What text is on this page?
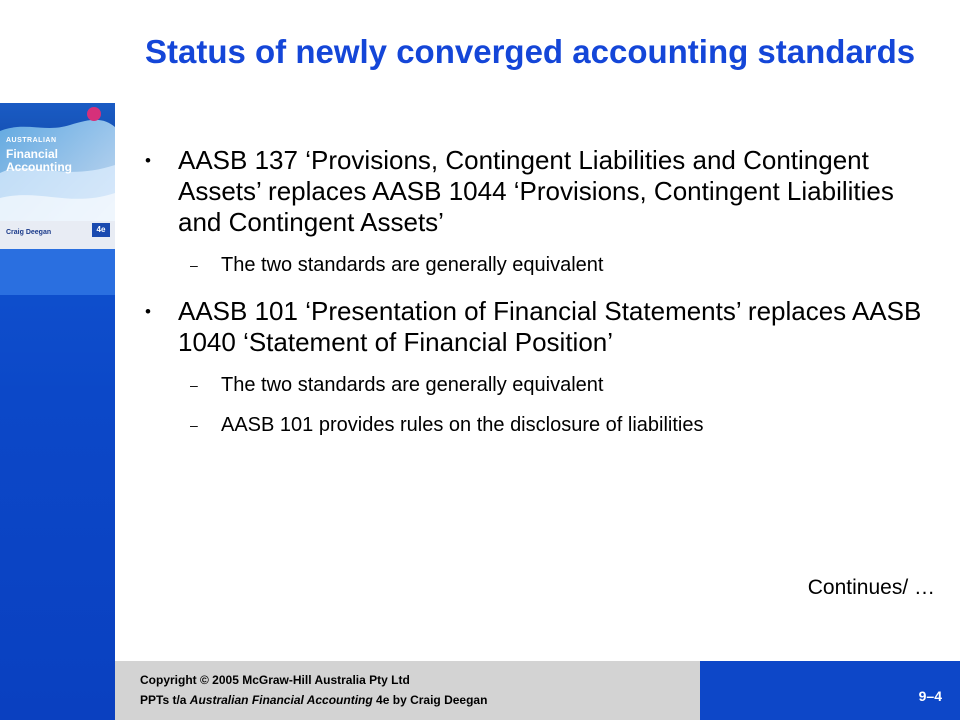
AUSTRALIAN
Financial
Accounting
Craig Deegan	4e
Status of newly converged accounting standards
• AASB 137 ‘Provisions, Contingent Liabilities and Contingent Assets’ replaces AASB 1044 ‘Provisions, Contingent Liabilities and Contingent Assets’
– The two standards are generally equivalent
• AASB 101 ‘Presentation of Financial Statements’ replaces AASB 1040 ‘Statement of Financial Position’
– The two standards are generally equivalent
– AASB 101 provides rules on the disclosure of liabilities
Continues/ …
Copyright © 2005 McGraw-Hill Australia Pty Ltd
PPTs t/a Australian Financial Accounting 4e by Craig Deegan	9–4
